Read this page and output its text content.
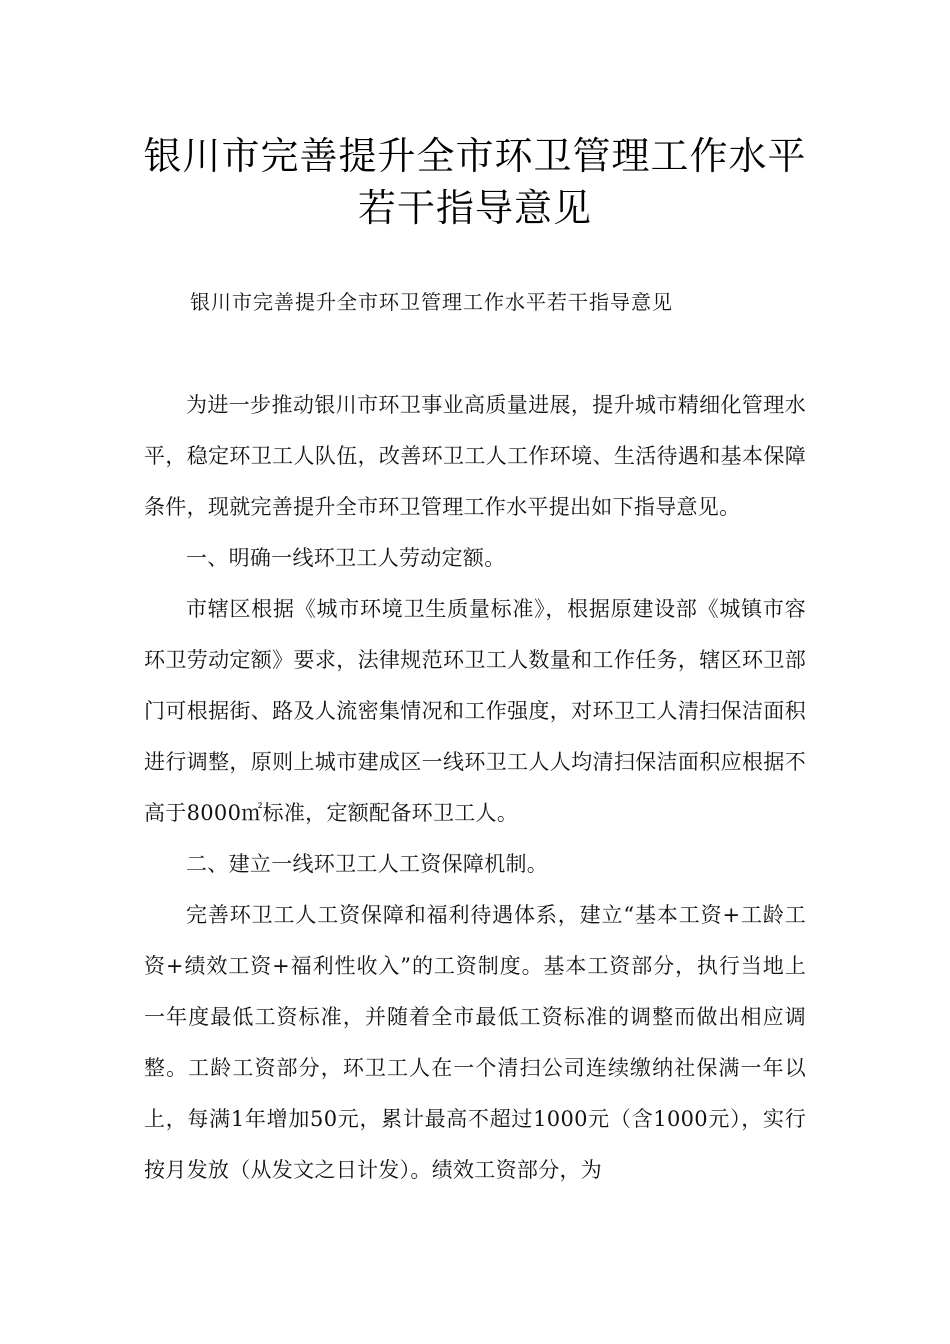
银川市完善提升全市环卫管理工作水平
若干指导意见
银川市完善提升全市环卫管理工作水平若干指导意见

为进一步推动银川市环卫事业高质量进展，提升城市精细化管理水平，稳定环卫工人队伍，改善环卫工人工作环境、生活待遇和基本保障条件，现就完善提升全市环卫管理工作水平提出如下指导意见。

一、明确一线环卫工人劳动定额。

市辖区根据《城市环境卫生质量标准》，根据原建设部《城镇市容环卫劳动定额》要求，法律规范环卫工人数量和工作任务，辖区环卫部门可根据街、路及人流密集情况和工作强度，对环卫工人清扫保洁面积进行调整，原则上城市建成区一线环卫工人人均清扫保洁面积应根据不高于8000㎡标准，定额配备环卫工人。

二、建立一线环卫工人工资保障机制。

完善环卫工人工资保障和福利待遇体系，建立“基本工资+工龄工资+绩效工资+福利性收入”的工资制度。基本工资部分，执行当地上一年度最低工资标准，并随着全市最低工资标准的调整而做出相应调整。工龄工资部分，环卫工人在一个清扫公司连续缴纳社保满一年以上，每满1年增加50元，累计最高不超过1000元（含1000元），实行按月发放（从发文之日计发）。绩效工资部分，为
